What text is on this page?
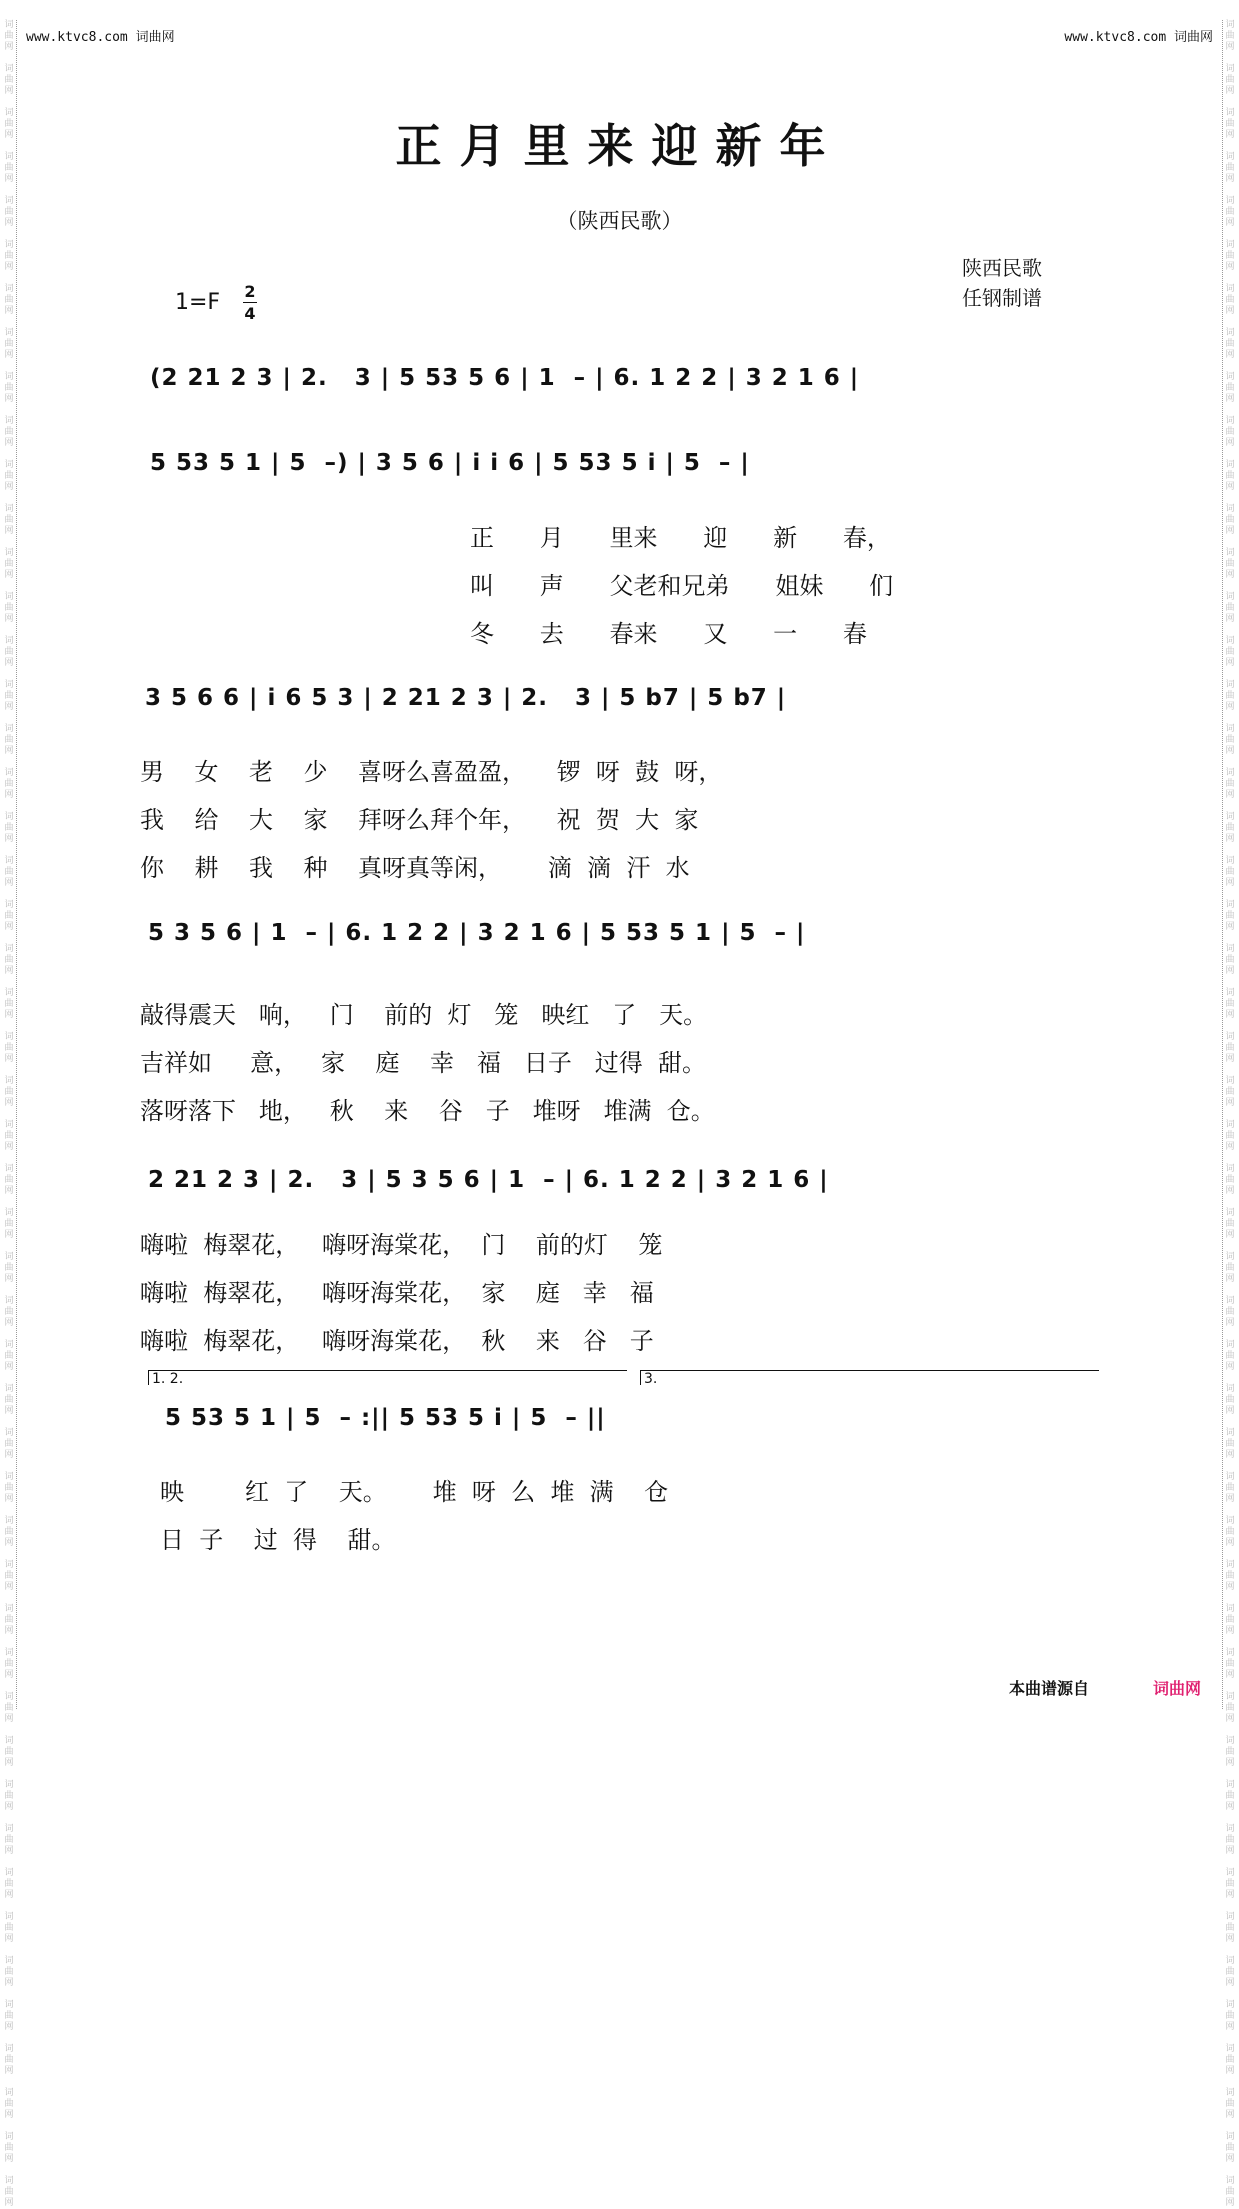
词
曲
网

词
曲
网

词
曲
网

词
曲
网

词
曲
网

词
曲
网

词
曲
网

词
曲
网

词
曲
网

词
曲
网

词
曲
网

词
曲
网

词
曲
网

词
曲
网

词
曲
网

词
曲
网

词
曲
网

词
曲
网

词
曲
网

词
曲
网

词
曲
网

词
曲
网

词
曲
网

词
曲
网

词
曲
网

词
曲
网

词
曲
网

词
曲
网

词
曲
网

词
曲
网

词
曲
网

词
曲
网

词
曲
网

词
曲
网

词
曲
网

词
曲
网

词
曲
网

词
曲
网

词
曲
网

词
曲
网

词
曲
网

词
曲
网

词
曲
网

词
曲
网

词
曲
网

词
曲
网

词
曲
网

词
曲
网

词
曲
网

词
曲
网

词
曲
网

词
曲
网

词
曲
网

词
曲
网

词
曲
网

词
曲
网

词
曲
网

词
曲
网

词
曲
网

词
曲
网

词
曲
网

词
曲
网

词
曲
网

词
曲
网

词
曲
网

词
曲
网

词
曲
网

词
曲
网

词
曲
网

词
曲
网

词
曲
网

词
曲
网

词
曲
网

词
曲
网

词
曲
网

词
曲
网

词
曲
网

词
曲
网

词
曲
网

词
曲
网

词
曲
网

词
曲
网

词
曲
网

词
曲
网

词
曲
网

词
曲
网

词
曲
网

词
曲
网

词
曲
网

词
曲
网

词
曲
网

词
曲
网

词
曲
网

词
曲
网

词
曲
网

词
曲
网

词
曲
网

词
曲
网

词
曲
网

词
曲
网

www.ktvc8.com 词曲网	www.ktvc8.com 词曲网
正月里来迎新年
（陕西民歌）
陕西民歌
任钢制谱
1=F 2
4
(2 21 2 3 | 2.   3 | 5 53 5 6 | 1  – | 6. 1 2 2 | 3 2 1 6 |
5 53 5 1 | 5  –) | 3 5 6 | i i 6 | 5 53 5 i | 5  – |
正      月      里来      迎      新      春，
叫      声      父老和兄弟      姐妹      们
冬      去      春来      又      一      春
3 5 6 6 | i 6 5 3 | 2 21 2 3 | 2.   3 | 5 b7 | 5 b7 |
男    女    老    少    喜呀么喜盈盈，    锣  呀  鼓  呀，
我    给    大    家    拜呀么拜个年，    祝  贺  大  家
你    耕    我    种    真呀真等闲，      滴  滴  汗  水
5 3 5 6 | 1  – | 6. 1 2 2 | 3 2 1 6 | 5 53 5 1 | 5  – |
敲得震天   响，   门    前的  灯   笼   映红   了   天。
吉祥如     意，   家    庭    幸   福   日子   过得  甜。
落呀落下   地，   秋    来    谷   子   堆呀   堆满  仓。
2 21 2 3 | 2.   3 | 5 3 5 6 | 1  – | 6. 1 2 2 | 3 2 1 6 |
嗨啦  梅翠花，   嗨呀海棠花，  门    前的灯    笼
嗨啦  梅翠花，   嗨呀海棠花，  家    庭   幸   福
嗨啦  梅翠花，   嗨呀海棠花，  秋    来   谷   子
1. 2.	3.
5 53 5 1 | 5  – :|| 5 53 5 i | 5  – ||
映        红  了    天。      堆  呀  么  堆  满    仓
日  子    过  得    甜。
本曲谱源自	词曲网
